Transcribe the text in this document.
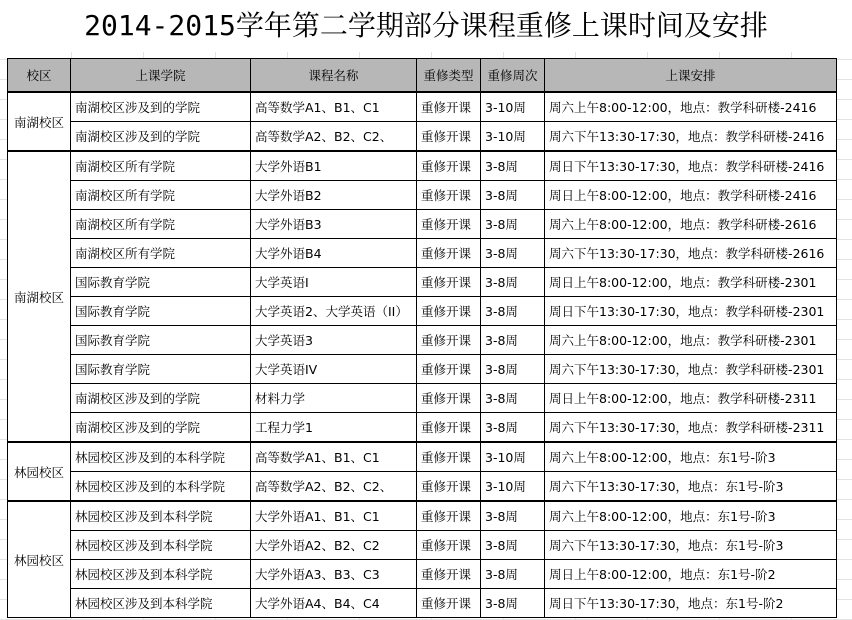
2014-2015学年第二学期部分课程重修上课时间及安排
校区	上课学院	课程名称	重修类型	重修周次	上课安排
南湖校区	南湖校区涉及到的学院	高等数学A1、B1、C1	重修开课	3-10周	周六上午8:00-12:00，地点：教学科研楼-2416
	南湖校区涉及到的学院	高等数学A2、B2、C2、	重修开课	3-10周	周六下午13:30-17:30，地点：教学科研楼-2416
南湖校区	南湖校区所有学院	大学外语B1	重修开课	3-8周	周日下午13:30-17:30，地点：教学科研楼-2416
	南湖校区所有学院	大学外语B2	重修开课	3-8周	周日上午8:00-12:00，地点：教学科研楼-2416
	南湖校区所有学院	大学外语B3	重修开课	3-8周	周六上午8:00-12:00，地点：教学科研楼-2616
	南湖校区所有学院	大学外语B4	重修开课	3-8周	周六下午13:30-17:30，地点：教学科研楼-2616
	国际教育学院	大学英语Ⅰ	重修开课	3-8周	周日上午8:00-12:00，地点：教学科研楼-2301
	国际教育学院	大学英语2、大学英语（II）	重修开课	3-8周	周日下午13:30-17:30，地点：教学科研楼-2301
	国际教育学院	大学英语3	重修开课	3-8周	周六上午8:00-12:00，地点：教学科研楼-2301
	国际教育学院	大学英语IV	重修开课	3-8周	周六下午13:30-17:30，地点：教学科研楼-2301
	南湖校区涉及到的学院	材料力学	重修开课	3-8周	周日上午8:00-12:00，地点：教学科研楼-2311
	南湖校区涉及到的学院	工程力学1	重修开课	3-8周	周六下午13:30-17:30，地点：教学科研楼-2311
林园校区	林园校区涉及到的本科学院	高等数学A1、B1、C1	重修开课	3-10周	周六上午8:00-12:00，地点：东1号-阶3
	林园校区涉及到的本科学院	高等数学A2、B2、C2、	重修开课	3-10周	周六下午13:30-17:30，地点：东1号-阶3
林园校区	林园校区涉及到本科学院	大学外语A1、B1、C1	重修开课	3-8周	周六上午8:00-12:00，地点：东1号-阶3
	林园校区涉及到本科学院	大学外语A2、B2、C2	重修开课	3-8周	周六下午13:30-17:30，地点：东1号-阶3
	林园校区涉及到本科学院	大学外语A3、B3、C3	重修开课	3-8周	周日上午8:00-12:00，地点：东1号-阶2
	林园校区涉及到本科学院	大学外语A4、B4、C4	重修开课	3-8周	周日下午13:30-17:30，地点：东1号-阶2
